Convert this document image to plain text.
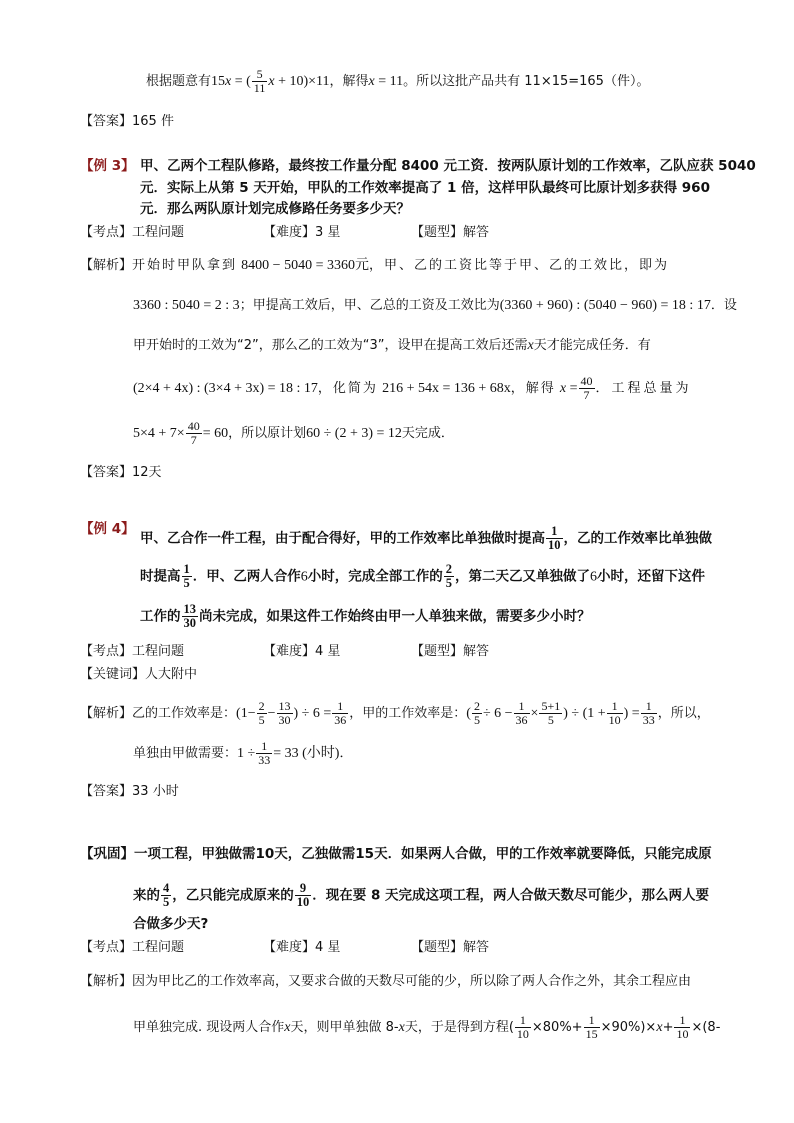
根据题意有15x = ( $\frac{5}{11}$ x + 10)×11，解得x = 11。所以这批产品共有 11×15=165（件）。
【答案】165 件
【例 3】 甲、乙两个工程队修路，最终按工作量分配 8400 元工资．按两队原计划的工作效率，乙队应获 5040
元．实际上从第 5 天开始，甲队的工作效率提高了 1 倍，这样甲队最终可比原计划多获得 960
元．那么两队原计划完成修路任务要多少天？
【考点】工程问题	【难度】3 星	【题型】解答
【解析】开始时甲队拿到 8400 − 5040 = 3360元，甲、乙的工资比等于甲、乙的工效比，即为
3360 : 5040 = 2 : 3；甲提高工效后，甲、乙总的工资及工效比为(3360 + 960) : (5040 − 960) = 18 : 17．设
甲开始时的工效为“2”，那么乙的工效为“3”，设甲在提高工效后还需x天才能完成任务．有
(2×4 + 4x) : (3×4 + 3x) = 18 : 17，化简为 216 + 54x = 136 + 68x，解得 $x = \frac{40}{7}$ ．工程总量为
$5\times 4 + 7\times \frac{40}{7} = 60$，所以原计划60 ÷ (2 + 3) = 12天完成．
【答案】12天
【例 4】
甲、乙合作一件工程，由于配合得好，甲的工作效率比单独做时提高 $\frac{1}{10}$ ，乙的工作效率比单独做
时提高 $\frac{1}{5}$ ．甲、乙两人合作6小时，完成全部工作的 $\frac{2}{5}$ ，第二天乙又单独做了6小时，还留下这件
工作的 $\frac{13}{30}$ 尚未完成，如果这件工作始终由甲一人单独来做，需要多少小时？
【考点】工程问题	【难度】4 星	【题型】解答
【关键词】人大附中
【解析】乙的工作效率是：($1- \frac{2}{5} - \frac{13}{30}$ ) ÷ $6 = \frac{1}{36}$ ，甲的工作效率是：( $\frac{2}{5} \div 6 - \frac{1}{36} \times \frac{5+1}{5}$ ) ÷ ($1 + \frac{1}{10}$ ) = $\frac{1}{33}$ ，所以，
单独由甲做需要：$1 \div \frac{1}{33} = 33$ (小时)．
【答案】33 小时
【巩固】一项工程，甲独做需10天，乙独做需15天．如果两人合做，甲的工作效率就要降低，只能完成原
来的 $\frac{4}{5}$ ，乙只能完成原来的 $\frac{9}{10}$ ．现在要 8 天完成这项工程，两人合做天数尽可能少，那么两人要
合做多少天?
【考点】工程问题	【难度】4 星	【题型】解答
【解析】因为甲比乙的工作效率高，又要求合做的天数尽可能的少，所以除了两人合作之外，其余工程应由
甲单独完成. 现设两人合作x天，则甲单独做 8-x天，于是得到方程( $\frac{1}{10} \times 80\%+ \frac{1}{15} \times 90\%)\times x+ \frac{1}{10} \times(8-$
